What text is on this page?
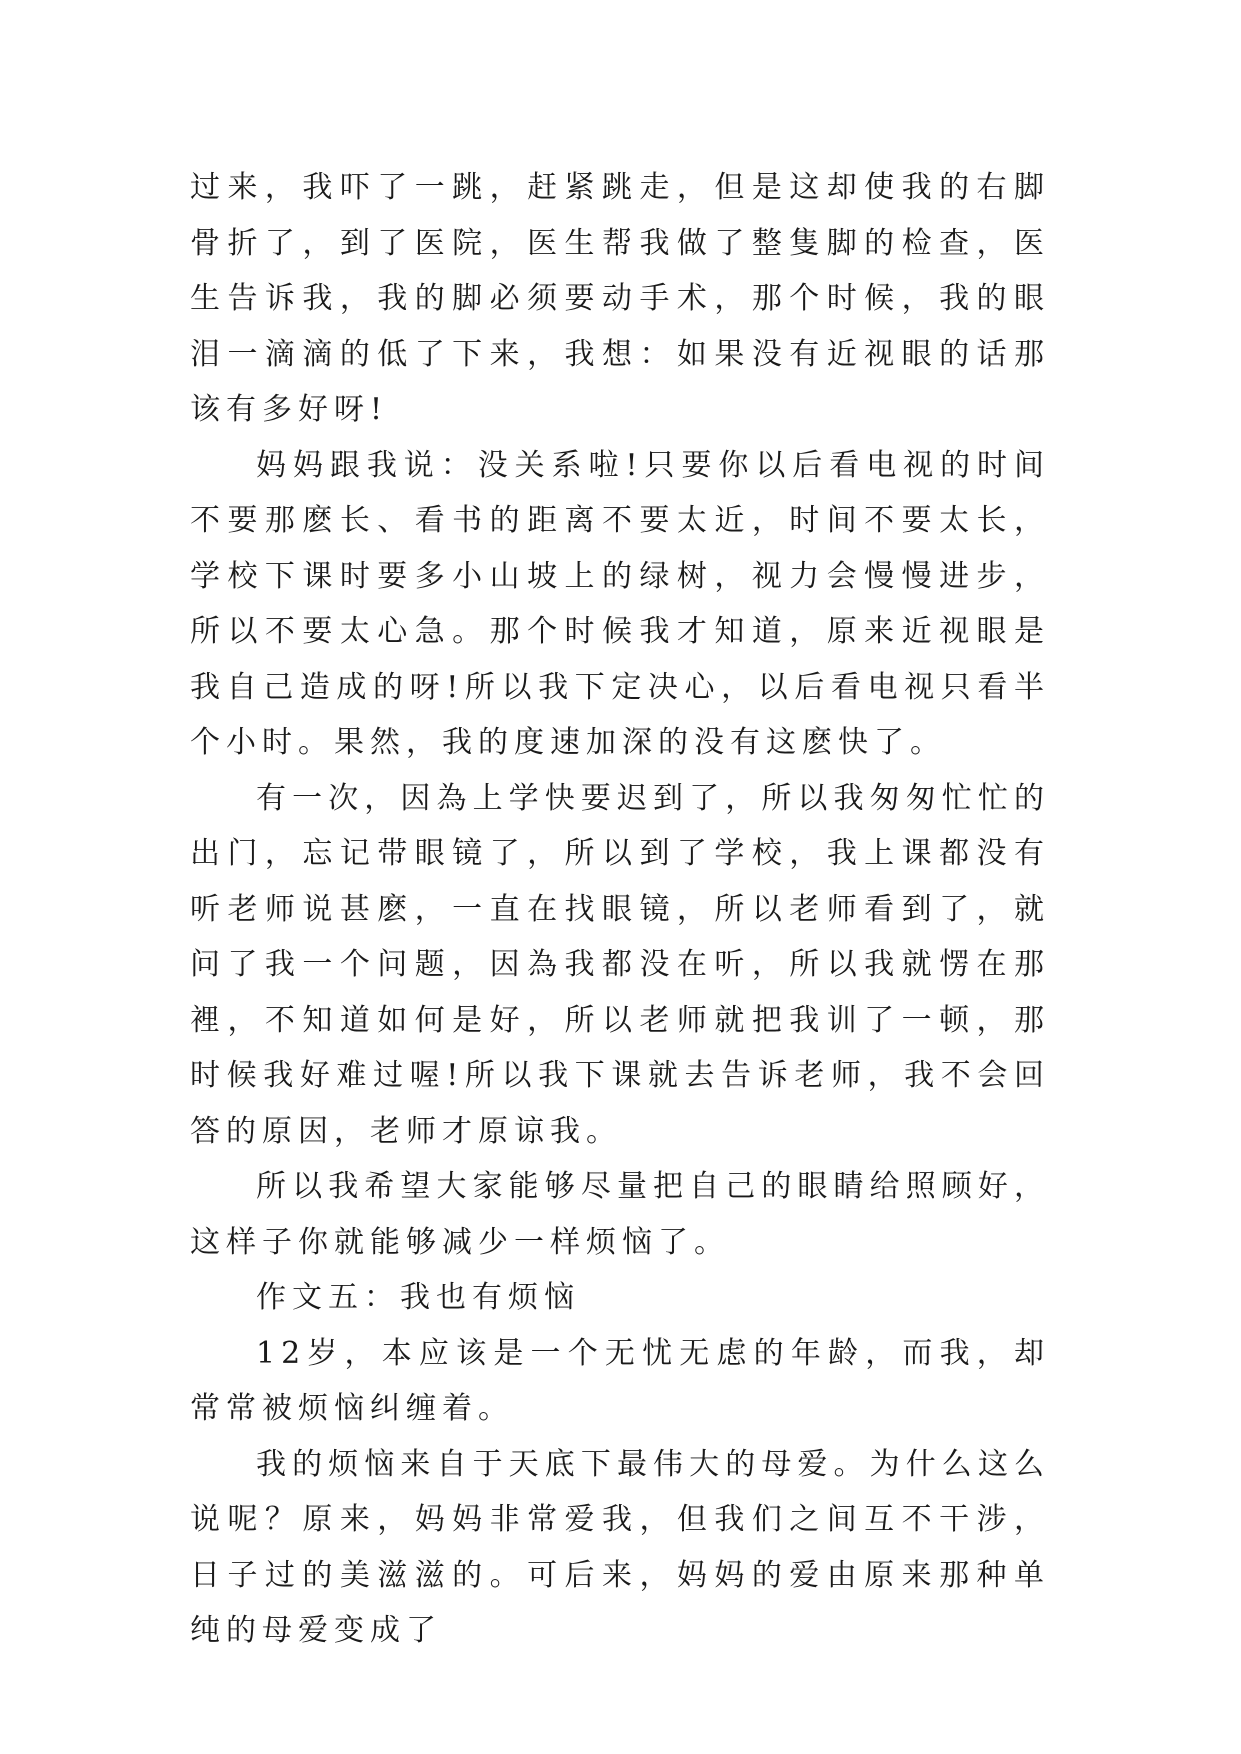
过来，我吓了一跳，赶紧跳走，但是这却使我的右脚骨折了，到了医院，医生帮我做了整隻脚的检查，医生告诉我，我的脚必须要动手术，那个时候，我的眼泪一滴滴的低了下来，我想：如果没有近视眼的话那该有多好呀!

妈妈跟我说：没关系啦!只要你以后看电视的时间不要那麽长、看书的距离不要太近，时间不要太长，学校下课时要多小山坡上的绿树，视力会慢慢进步，所以不要太心急。那个时候我才知道，原来近视眼是我自己造成的呀!所以我下定决心，以后看电视只看半个小时。果然，我的度速加深的没有这麽快了。

有一次，因為上学快要迟到了，所以我匆匆忙忙的出门，忘记带眼镜了，所以到了学校，我上课都没有听老师说甚麽，一直在找眼镜，所以老师看到了，就问了我一个问题，因為我都没在听，所以我就愣在那裡，不知道如何是好，所以老师就把我训了一顿，那时候我好难过喔!所以我下课就去告诉老师，我不会回答的原因，老师才原谅我。

所以我希望大家能够尽量把自己的眼睛给照顾好，这样子你就能够减少一样烦恼了。

作文五：我也有烦恼

12岁，本应该是一个无忧无虑的年龄，而我，却常常被烦恼纠缠着。

我的烦恼来自于天底下最伟大的母爱。为什么这么说呢？原来，妈妈非常爱我，但我们之间互不干涉，日子过的美滋滋的。可后来，妈妈的爱由原来那种单纯的母爱变成了
